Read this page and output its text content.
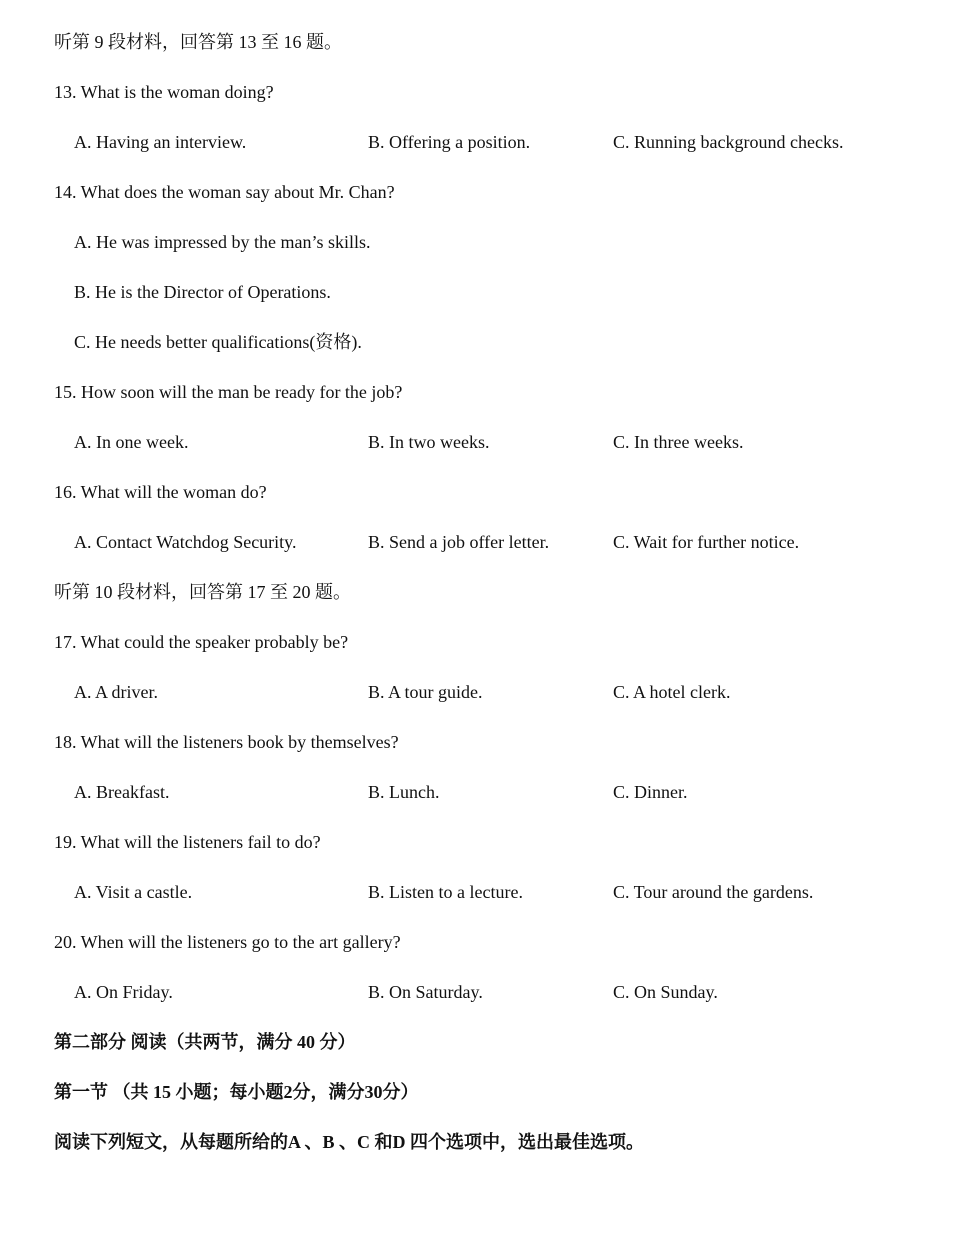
听第 9 段材料，回答第 13 至 16 题。
13. What is the woman doing?
A. Having an interview.	B. Offering a position.	C. Running background checks.
14. What does the woman say about Mr. Chan?
A. He was impressed by the man’s skills.
B. He is the Director of Operations.
C. He needs better qualifications(资格).
15. How soon will the man be ready for the job?
A. In one week.	B. In two weeks.	C. In three weeks.
16. What will the woman do?
A. Contact Watchdog Security.	B. Send a job offer letter.	C. Wait for further notice.
听第 10 段材料，回答第 17 至 20 题。
17. What could the speaker probably be?
A. A driver.	B. A tour guide.	C. A hotel clerk.
18. What will the listeners book by themselves?
A. Breakfast.	B. Lunch.	C. Dinner.
19. What will the listeners fail to do?
A. Visit a castle.	B. Listen to a lecture.	C. Tour around the gardens.
20. When will the listeners go to the art gallery?
A. On Friday.	B. On Saturday.	C. On Sunday.
第二部分 阅读（共两节，满分 40 分）
第一节 （共 15 小题；每小题2分，满分30分）
阅读下列短文，从每题所给的A 、B 、C 和D 四个选项中，选出最佳选项。
